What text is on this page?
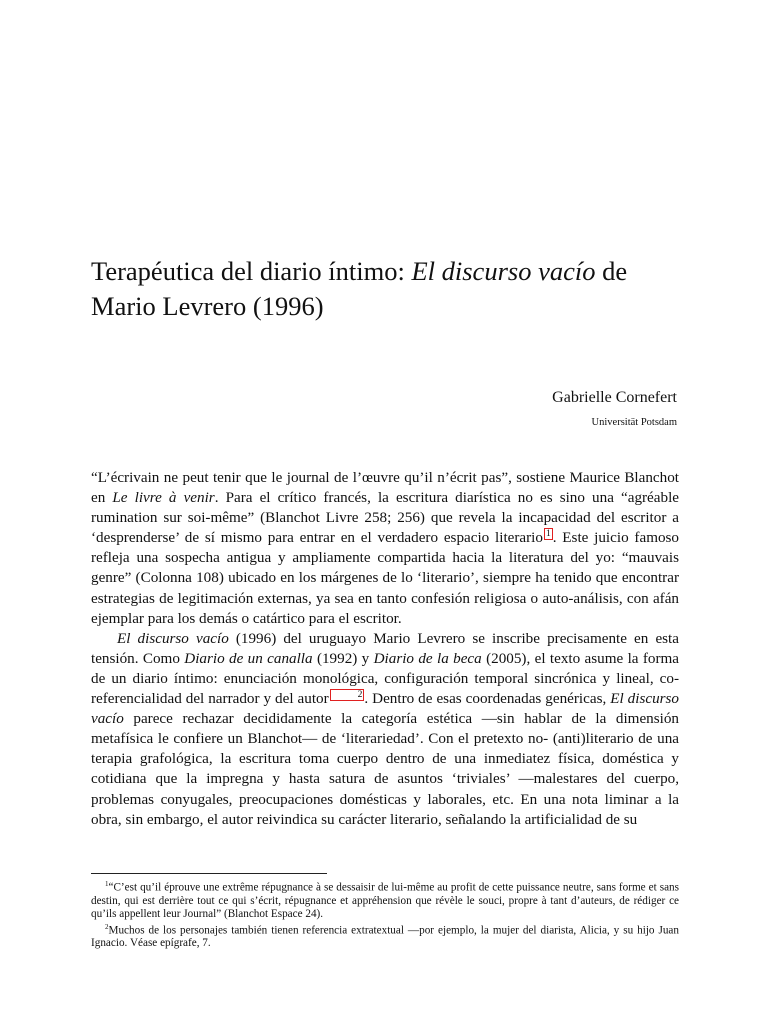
Terapéutica del diario íntimo: El discurso vacío de Mario Levrero (1996)

Gabrielle Cornefert

Universität Potsdam

“L’écrivain ne peut tenir que le journal de l’œuvre qu’il n’écrit pas”, sostiene Maurice Blanchot en Le livre à venir. Para el crítico francés, la escritura diarística no es sino una “agréable rumination sur soi-même” (Blanchot Livre 258; 256) que revela la incapacidad del escritor a ‘desprenderse’ de sí mismo para entrar en el verdadero espacio literario 1 . Este juicio famoso refleja una sospecha antigua y ampliamente compartida hacia la literatura del yo: “mauvais genre” (Colonna 108) ubicado en los márgenes de lo ‘literario’, siempre ha tenido que encontrar estrategias de legitimación externas, ya sea en tanto confesión religiosa o auto-análisis, con afán ejemplar para los demás o catártico para el escritor.

El discurso vacío (1996) del uruguayo Mario Levrero se inscribe precisamente en esta tensión. Como Diario de un canalla (1992) y Diario de la beca (2005), el texto asume la forma de un diario íntimo: enunciación monológica, configuración temporal sincrónica y lineal, co-referencialidad del narrador y del autor	2 . Dentro de esas coordenadas genéricas, El discurso vacío parece rechazar decididamente la categoría estética —sin hablar de la dimensión metafísica le confiere un Blanchot— de ‘literariedad’. Con el pretexto no- (anti)literario de una terapia grafológica, la escritura toma cuerpo dentro de una inmediatez física, doméstica y cotidiana que la impregna y hasta satura de asuntos ‘triviales’ —malestares del cuerpo, problemas conyugales, preocupaciones domésticas y laborales, etc. En una nota liminar a la obra, sin embargo, el autor reivindica su carácter literario, señalando la artificialidad de su

$^1$“C’est qu’il éprouve une extrême répugnance à se dessaisir de lui-même au profit de cette puissance neutre, sans forme et sans destin, qui est derrière tout ce qui s’écrit, répugnance et appréhension que révèle le souci, propre à tant d’auteurs, de rédiger ce qu’ils appellent leur Journal” (Blanchot Espace 24).

$^2$Muchos de los personajes también tienen referencia extratextual —por ejemplo, la mujer del diarista, Alicia, y su hijo Juan Ignacio. Véase epígrafe, 7.
